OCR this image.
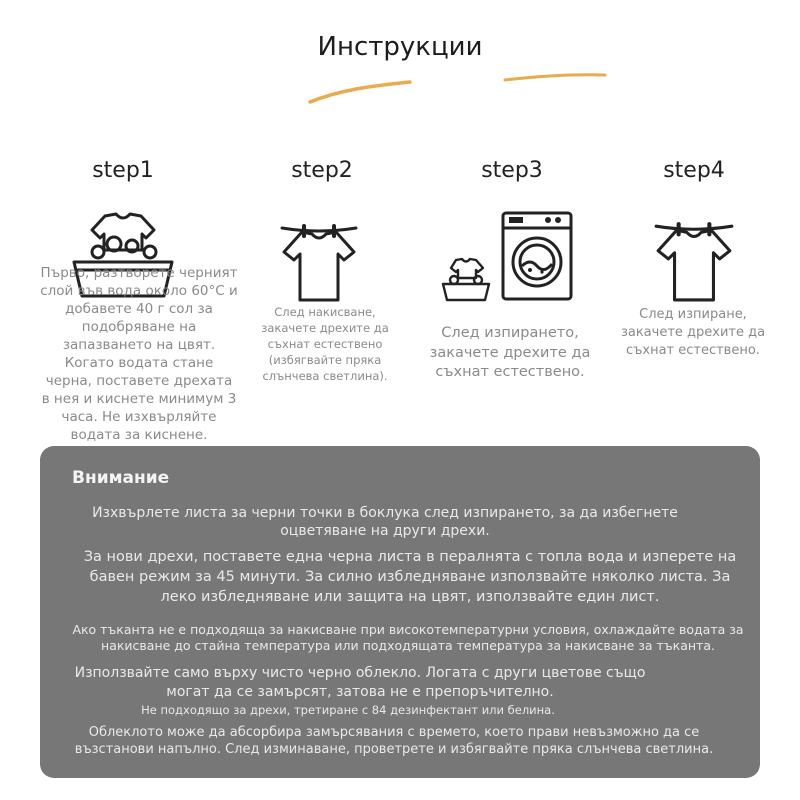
Инструкции
step1	step2	step3	step4
Първо, разтворете черният слой във вода около 60°C и добавете 40 г сол за подобряване на запазването на цвят. Когато водата стане черна, поставете дрехата в нея и киснете минимум 3 часа. Не изхвърляйте водата за киснене.
След накисване, закачете дрехите да съхнат естествено (избягвайте пряка слънчева светлина).
След изпирането, закачете дрехите да съхнат естествено.
След изпиране, закачете дрехите да съхнат естествено.
Внимание
Изхвърлете листа за черни точки в боклука след изпирането, за да избегнете оцветяване на други дрехи.
За нови дрехи, поставете една черна листа в пералнята с топла вода и изперете на бавен режим за 45 минути. За силно избледняване използвайте няколко листа. За леко избледняване или защита на цвят, използвайте един лист.
Ако тъканта не е подходяща за накисване при високотемпературни условия, охлаждайте водата за накисване до стайна температура или подходящата температура за накисване за тъканта.
Използвайте само върху чисто черно облекло. Логата с други цветове също могат да се замърсят, затова не е препоръчително.
Не подходящо за дрехи, третиране с 84 дезинфектант или белина.
Облеклото може да абсорбира замърсявания с времето, което прави невъзможно да се възстанови напълно. След изминаване, проветрете и избягвайте пряка слънчева светлина.
